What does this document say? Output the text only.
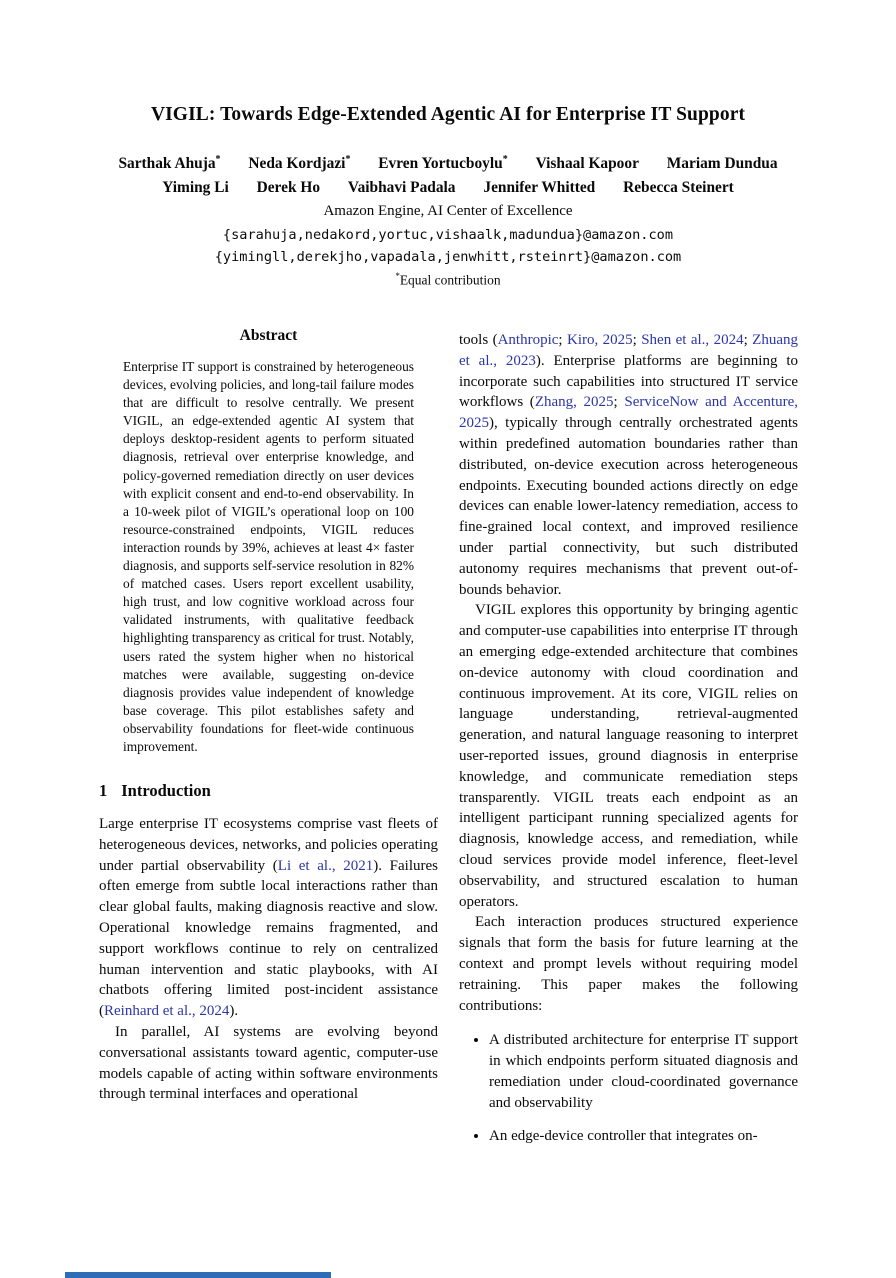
VIGIL: Towards Edge-Extended Agentic AI for Enterprise IT Support
Sarthak Ahuja* Neda Kordjazi* Evren Yortucboylu* Vishaal Kapoor Mariam Dundua
Yiming Li Derek Ho Vaibhavi Padala Jennifer Whitted Rebecca Steinert
Amazon Engine, AI Center of Excellence
{sarahuja,nedakord,yortuc,vishaalk,madundua}@amazon.com
{yimingll,derekjho,vapadala,jenwhitt,rsteinrt}@amazon.com
*Equal contribution
Abstract

Enterprise IT support is constrained by heterogeneous devices, evolving policies, and long-tail failure modes that are difficult to resolve centrally. We present VIGIL, an edge-extended agentic AI system that deploys desktop-resident agents to perform situated diagnosis, retrieval over enterprise knowledge, and policy-governed remediation directly on user devices with explicit consent and end-to-end observability. In a 10-week pilot of VIGIL’s operational loop on 100 resource-constrained endpoints, VIGIL reduces interaction rounds by 39%, achieves at least 4× faster diagnosis, and supports self-service resolution in 82% of matched cases. Users report excellent usability, high trust, and low cognitive workload across four validated instruments, with qualitative feedback highlighting transparency as critical for trust. Notably, users rated the system higher when no historical matches were available, suggesting on-device diagnosis provides value independent of knowledge base coverage. This pilot establishes safety and observability foundations for fleet-wide continuous improvement.

1 Introduction

Large enterprise IT ecosystems comprise vast fleets of heterogeneous devices, networks, and policies operating under partial observability (Li et al., 2021). Failures often emerge from subtle local interactions rather than clear global faults, making diagnosis reactive and slow. Operational knowledge remains fragmented, and support workflows continue to rely on centralized human intervention and static playbooks, with AI chatbots offering limited post-incident assistance (Reinhard et al., 2024).

In parallel, AI systems are evolving beyond conversational assistants toward agentic, computer-use models capable of acting within software environments through terminal interfaces and operational

tools (Anthropic; Kiro, 2025; Shen et al., 2024; Zhuang et al., 2023). Enterprise platforms are beginning to incorporate such capabilities into structured IT service workflows (Zhang, 2025; ServiceNow and Accenture, 2025), typically through centrally orchestrated agents within predefined automation boundaries rather than distributed, on-device execution across heterogeneous endpoints. Executing bounded actions directly on edge devices can enable lower-latency remediation, access to fine-grained local context, and improved resilience under partial connectivity, but such distributed autonomy requires mechanisms that prevent out-of-bounds behavior.

VIGIL explores this opportunity by bringing agentic and computer-use capabilities into enterprise IT through an emerging edge-extended architecture that combines on-device autonomy with cloud coordination and continuous improvement. At its core, VIGIL relies on language understanding, retrieval-augmented generation, and natural language reasoning to interpret user-reported issues, ground diagnosis in enterprise knowledge, and communicate remediation steps transparently. VIGIL treats each endpoint as an intelligent participant running specialized agents for diagnosis, knowledge access, and remediation, while cloud services provide model inference, fleet-level observability, and structured escalation to human operators.

Each interaction produces structured experience signals that form the basis for future learning at the context and prompt levels without requiring model retraining. This paper makes the following contributions:

• A distributed architecture for enterprise IT support in which endpoints perform situated diagnosis and remediation under cloud-coordinated governance and observability
• An edge-device controller that integrates on-
